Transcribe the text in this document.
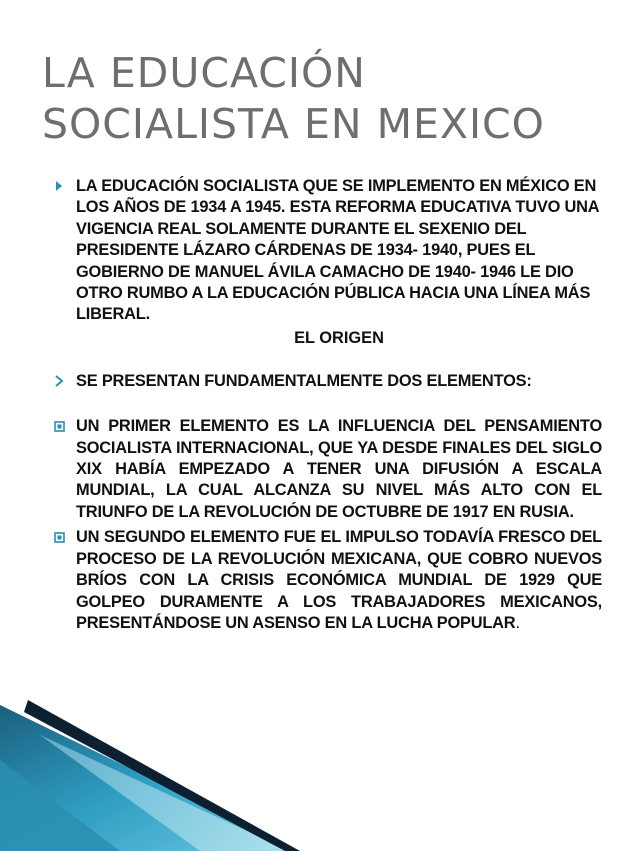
LA EDUCACIÓN
SOCIALISTA EN MEXICO
LA EDUCACIÓN SOCIALISTA QUE SE IMPLEMENTO EN MÉXICO EN LOS AÑOS DE 1934 A 1945. ESTA REFORMA EDUCATIVA TUVO UNA VIGENCIA REAL SOLAMENTE DURANTE EL SEXENIO DEL PRESIDENTE LÁZARO CÁRDENAS DE 1934- 1940, PUES EL GOBIERNO DE MANUEL ÁVILA CAMACHO DE 1940- 1946 LE DIO OTRO RUMBO A LA EDUCACIÓN PÚBLICA HACIA UNA LÍNEA MÁS LIBERAL.
EL ORIGEN
SE PRESENTAN FUNDAMENTALMENTE DOS ELEMENTOS:
UN PRIMER ELEMENTO ES LA INFLUENCIA DEL PENSAMIENTO SOCIALISTA INTERNACIONAL, QUE YA DESDE FINALES DEL SIGLO XIX HABÍA EMPEZADO A TENER UNA DIFUSIÓN A ESCALA MUNDIAL, LA CUAL ALCANZA SU NIVEL MÁS ALTO CON EL TRIUNFO DE LA REVOLUCIÓN DE OCTUBRE DE 1917 EN RUSIA.
UN SEGUNDO ELEMENTO FUE EL IMPULSO TODAVÍA FRESCO DEL PROCESO DE LA REVOLUCIÓN MEXICANA, QUE COBRO NUEVOS BRÍOS CON LA CRISIS ECONÓMICA MUNDIAL DE 1929 QUE GOLPEO DURAMENTE A LOS TRABAJADORES MEXICANOS, PRESENTÁNDOSE UN ASENSO EN LA LUCHA POPULAR.
